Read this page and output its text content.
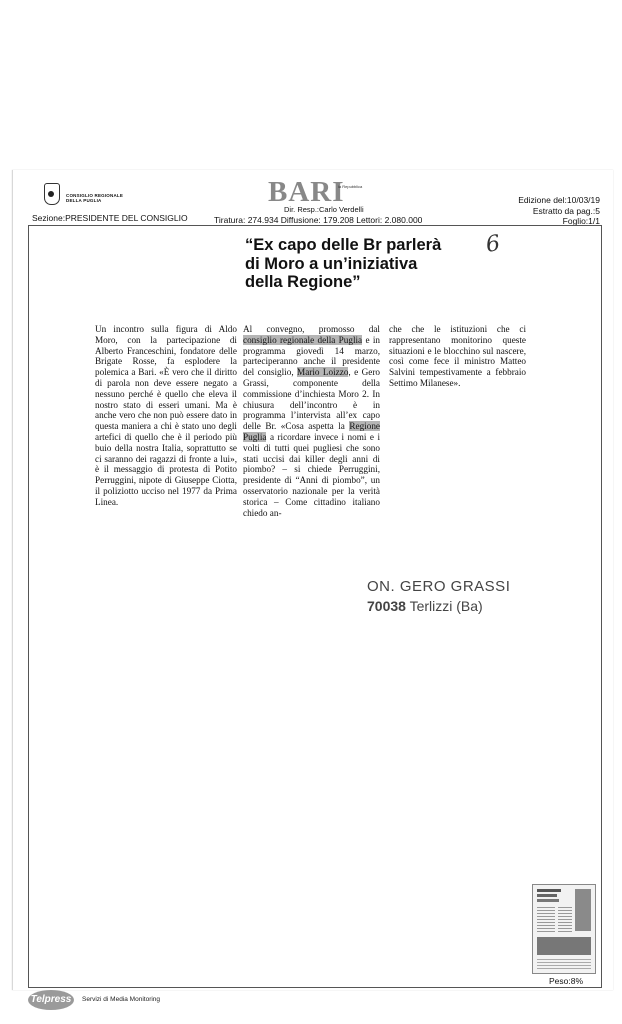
CONSIGLIO REGIONALE
DELLA PUGLIA
Sezione:PRESIDENTE DEL CONSIGLIO
BARI
la Repubblica
Dir. Resp.:Carlo Verdelli
Tiratura: 274.934 Diffusione: 179.208 Lettori: 2.080.000
Edizione del:10/03/19
Estratto da pag.:5
Foglio:1/1
“Ex capo delle Br parlerà di Moro a un’iniziativa della Regione”
6

Un incontro sulla figura di Aldo Moro, con la partecipazione di Alberto Franceschini, fondatore delle Brigate Rosse, fa esplodere la polemica a Bari. «È vero che il diritto di parola non deve essere negato a nessuno perché è quello che eleva il nostro stato di esseri umani. Ma è anche vero che non può essere dato in questa maniera a chi è stato uno degli artefici di quello che è il periodo più buio della nostra Italia, soprattutto se ci saranno dei ragazzi di fronte a lui», è il messaggio di protesta di Potito Perruggini, nipote di Giuseppe Ciotta, il poliziotto ucciso nel 1977 da Prima Linea.

Al convegno, promosso dal consiglio regionale della Puglia e in programma giovedì 14 marzo, parteciperanno anche il presidente del consiglio, Mario Loizzo, e Gero Grassi, componente della commissione d’inchiesta Moro 2. In chiusura dell’incontro è in programma l’intervista all’ex capo delle Br. «Cosa aspetta la Regione Puglia a ricordare invece i nomi e i volti di tutti quei pugliesi che sono stati uccisi dai killer degli anni di piombo? – si chiede Perruggini, presidente di “Anni di piombo”, un osservatorio nazionale per la verità storica – Come cittadino italiano chiedo an-

che che le istituzioni che ci rappresentano monitorino queste situazioni e le blocchino sul nascere, così come fece il ministro Matteo Salvini tempestivamente a febbraio Settimo Milanese».

ON. GERO GRASSI
70038 Terlizzi (Ba)
Peso:8%
Telpress	Servizi di Media Monitoring
